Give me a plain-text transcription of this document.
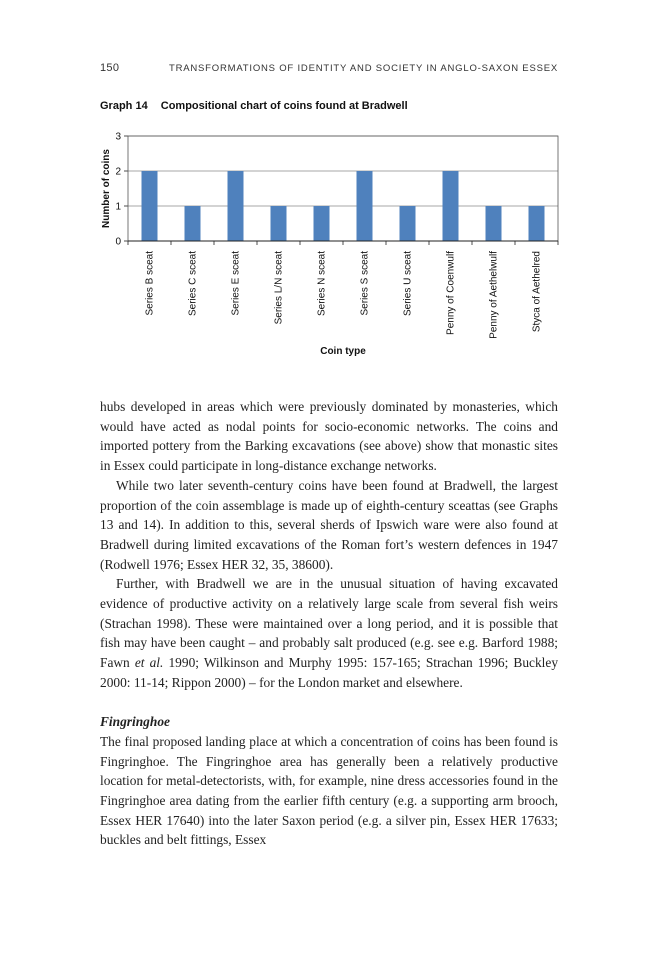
150	TRANSFORMATIONS OF IDENTITY AND SOCIETY IN ANGLO-SAXON ESSEX
Graph 14 Compositional chart of coins found at Bradwell
0
1
2
3
Series B sceat	Series C sceat	Series E sceat	Series L/N sceat	Series N sceat	Series S sceat	Series U sceat	Penny of Coenwulf	Penny of Aethelwulf	Styca of Aethelred
Number of coins
Coin type

hubs developed in areas which were previously dominated by monasteries, which would have acted as nodal points for socio-economic networks. The coins and imported pottery from the Barking excavations (see above) show that monastic sites in Essex could participate in long-distance exchange networks.

While two later seventh-century coins have been found at Bradwell, the largest proportion of the coin assemblage is made up of eighth-century sceattas (see Graphs 13 and 14). In addition to this, several sherds of Ipswich ware were also found at Bradwell during limited excavations of the Roman fort’s western defences in 1947 (Rodwell 1976; Essex HER 32, 35, 38600).

Further, with Bradwell we are in the unusual situation of having excavated evidence of productive activity on a relatively large scale from several fish weirs (Strachan 1998). These were maintained over a long period, and it is possible that fish may have been caught – and probably salt produced (e.g. see e.g. Barford 1988; Fawn et al. 1990; Wilkinson and Murphy 1995: 157-165; Strachan 1996; Buckley 2000: 11-14; Rippon 2000) – for the London market and elsewhere.

Fingringhoe

The final proposed landing place at which a concentration of coins has been found is Fingringhoe. The Fingringhoe area has generally been a relatively productive location for metal-detectorists, with, for example, nine dress accessories found in the Fingringhoe area dating from the earlier fifth century (e.g. a supporting arm brooch, Essex HER 17640) into the later Saxon period (e.g. a silver pin, Essex HER 17633; buckles and belt fittings, Essex
